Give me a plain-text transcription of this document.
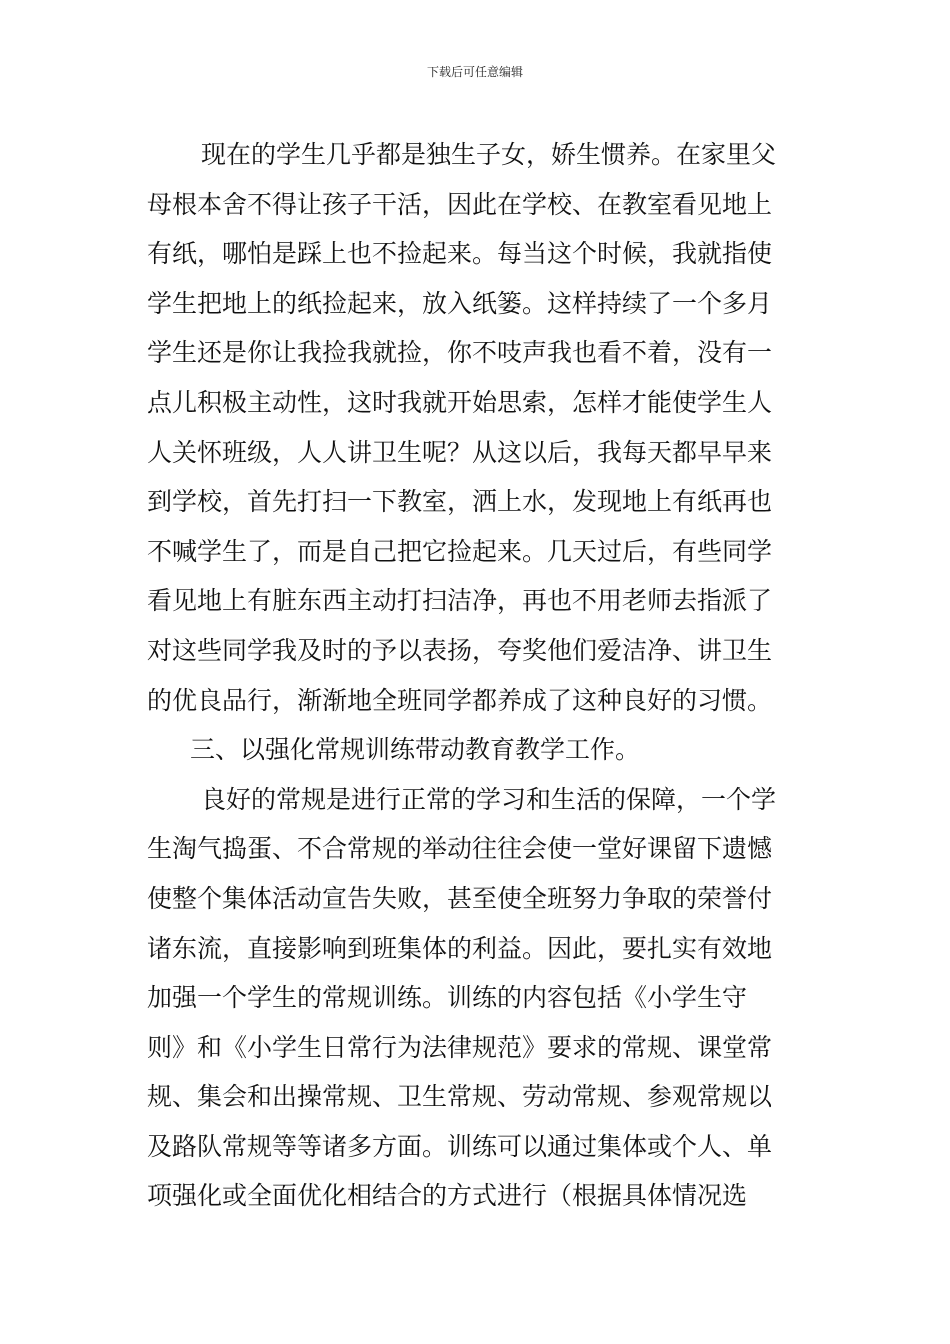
下载后可任意编辑
现在的学生几乎都是独生子女，娇生惯养。在家里父
母根本舍不得让孩子干活，因此在学校、在教室看见地上
有纸，哪怕是踩上也不捡起来。每当这个时候，我就指使
学生把地上的纸捡起来，放入纸篓。这样持续了一个多月
学生还是你让我捡我就捡，你不吱声我也看不着，没有一
点儿积极主动性，这时我就开始思索，怎样才能使学生人
人关怀班级，人人讲卫生呢？从这以后，我每天都早早来
到学校，首先打扫一下教室，洒上水，发现地上有纸再也
不喊学生了，而是自己把它捡起来。几天过后，有些同学
看见地上有脏东西主动打扫洁净，再也不用老师去指派了
对这些同学我及时的予以表扬，夸奖他们爱洁净、讲卫生
的优良品行，渐渐地全班同学都养成了这种良好的习惯。
三、以强化常规训练带动教育教学工作。
良好的常规是进行正常的学习和生活的保障，一个学
生淘气捣蛋、不合常规的举动往往会使一堂好课留下遗憾
使整个集体活动宣告失败，甚至使全班努力争取的荣誉付
诸东流，直接影响到班集体的利益。因此，要扎实有效地
加强一个学生的常规训练。训练的内容包括《小学生守
则》和《小学生日常行为法律规范》要求的常规、课堂常
规、集会和出操常规、卫生常规、劳动常规、参观常规以
及路队常规等等诸多方面。训练可以通过集体或个人、单
项强化或全面优化相结合的方式进行（根据具体情况选
